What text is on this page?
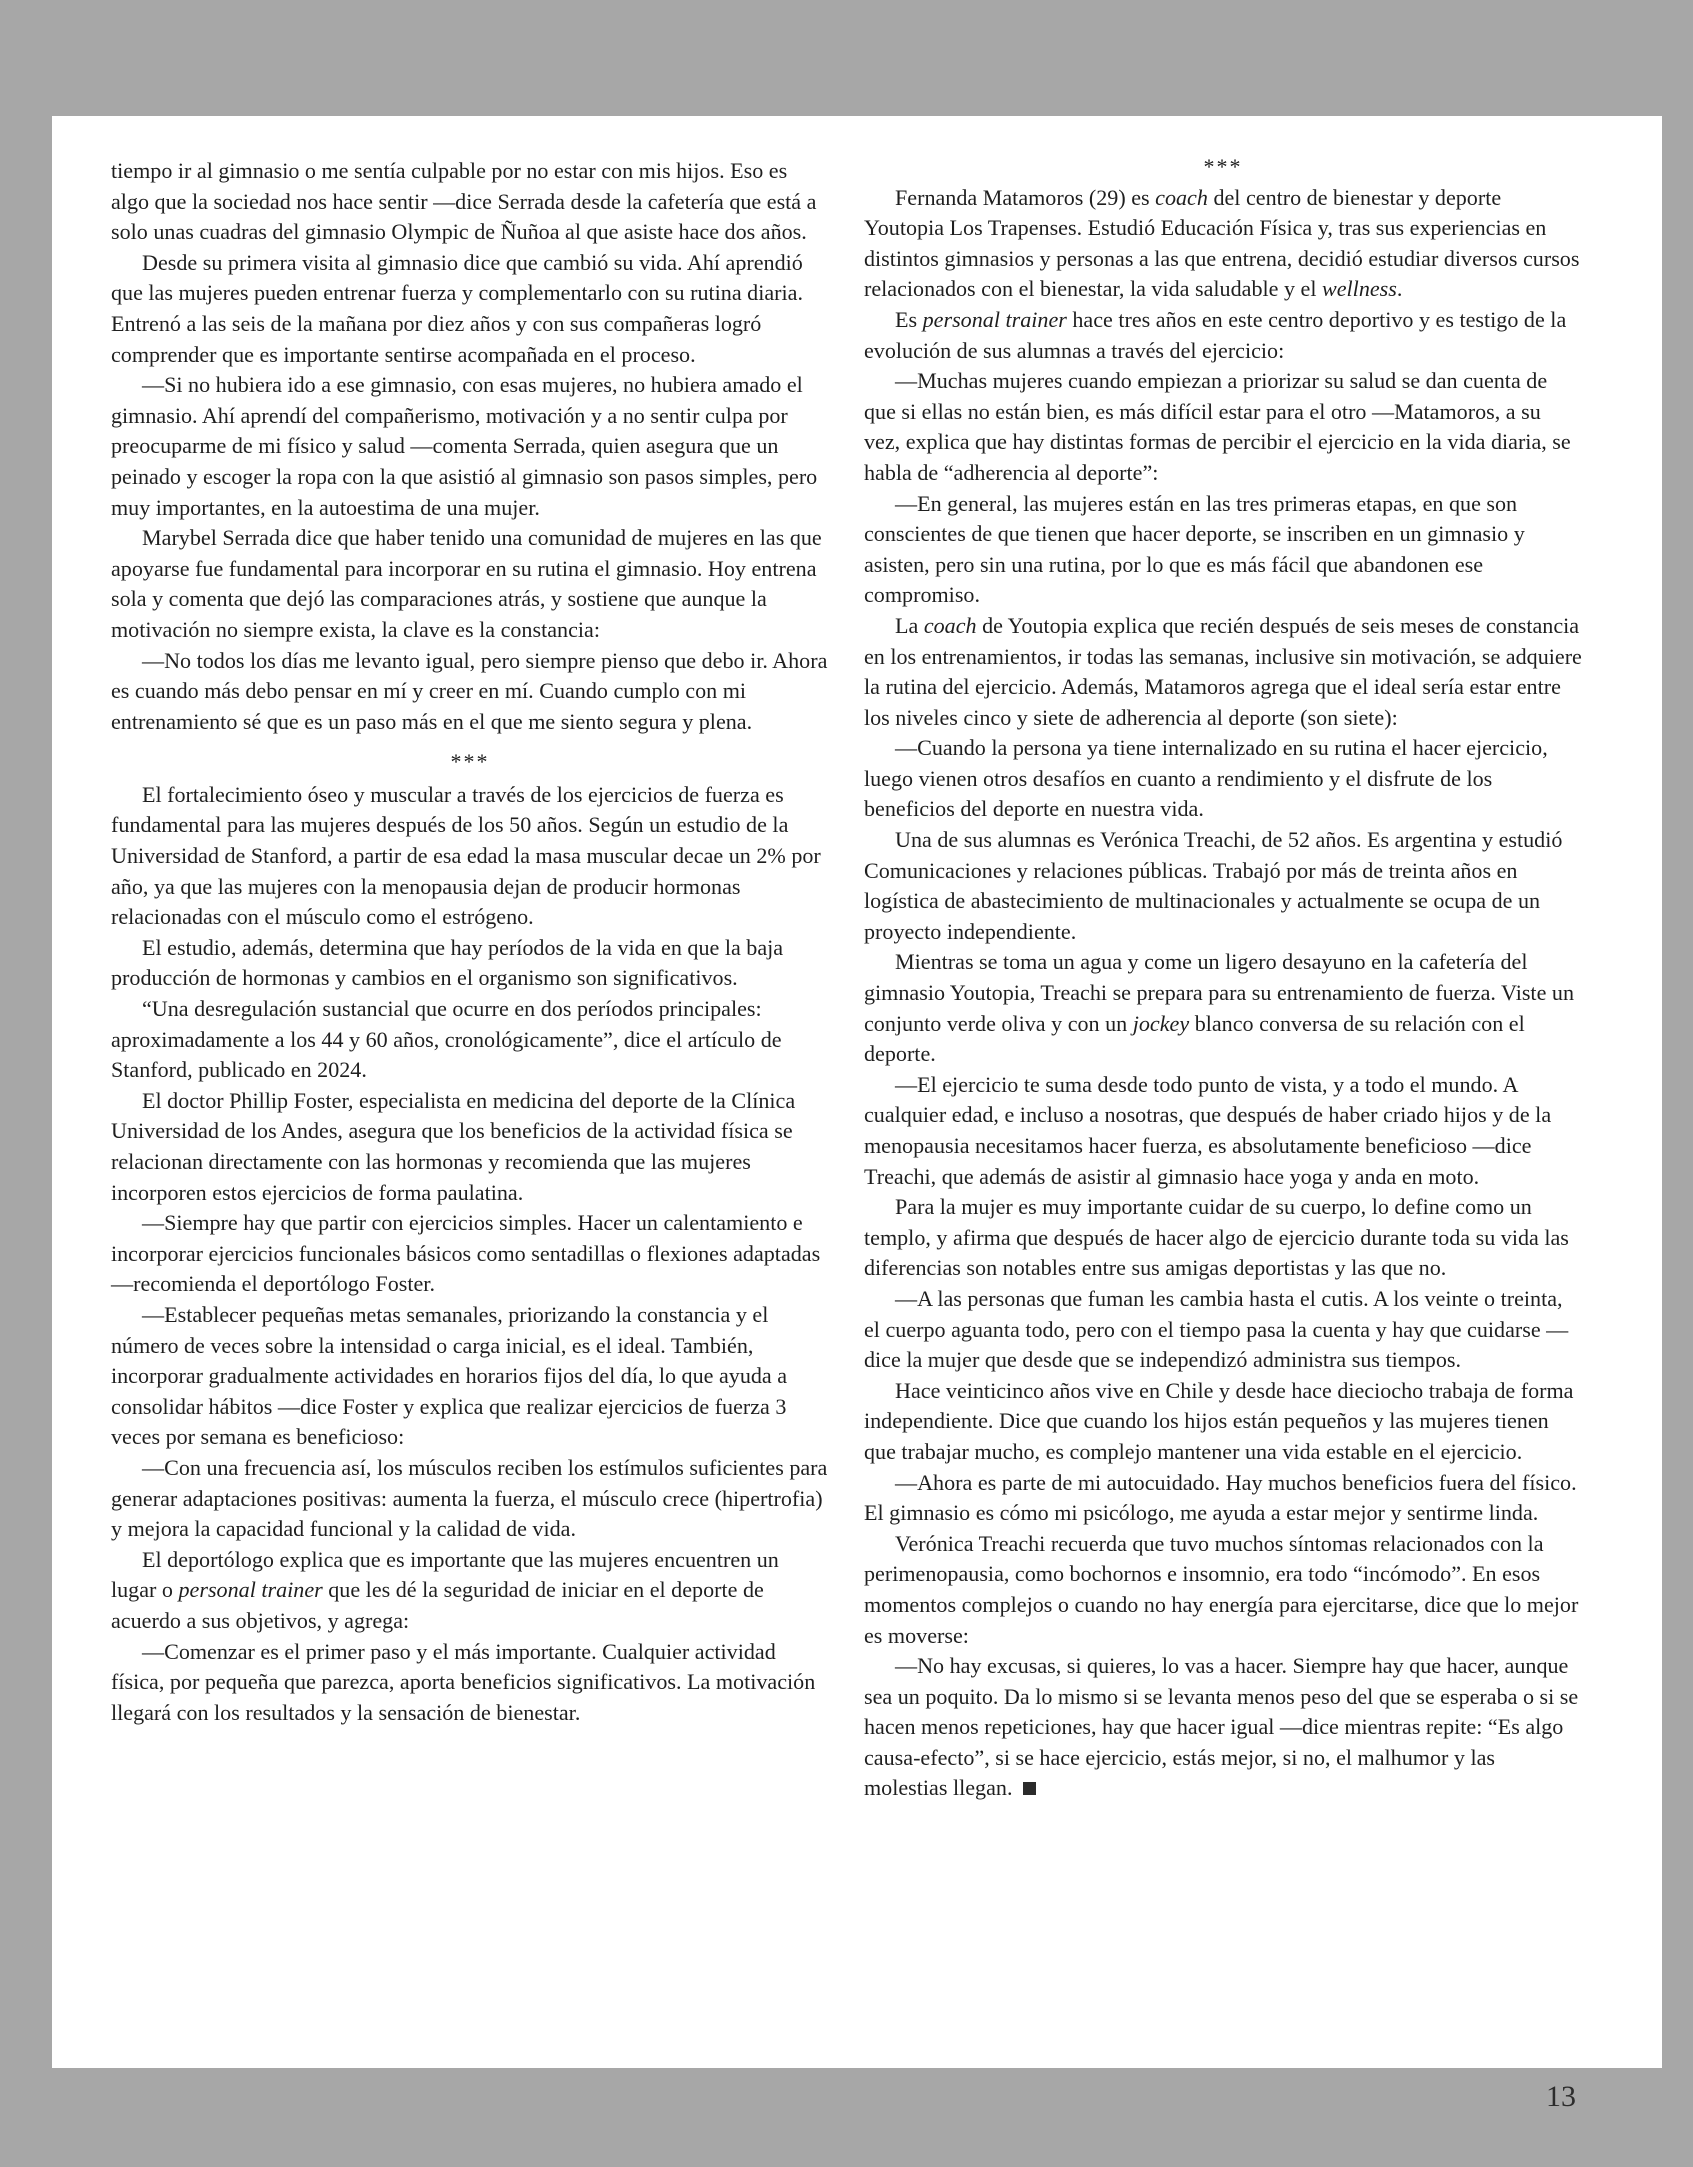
tiempo ir al gimnasio o me sentía culpable por no estar con mis hijos. Eso es algo que la sociedad nos hace sentir —dice Serrada desde la cafetería que está a solo unas cuadras del gimnasio Olympic de Ñuñoa al que asiste hace dos años.

Desde su primera visita al gimnasio dice que cambió su vida. Ahí aprendió que las mujeres pueden entrenar fuerza y complementarlo con su rutina diaria. Entrenó a las seis de la mañana por diez años y con sus compañeras logró comprender que es importante sentirse acompañada en el proceso.

—Si no hubiera ido a ese gimnasio, con esas mujeres, no hubiera amado el gimnasio. Ahí aprendí del compañerismo, motivación y a no sentir culpa por preocuparme de mi físico y salud —comenta Serrada, quien asegura que un peinado y escoger la ropa con la que asistió al gimnasio son pasos simples, pero muy importantes, en la autoestima de una mujer.

Marybel Serrada dice que haber tenido una comunidad de mujeres en las que apoyarse fue fundamental para incorporar en su rutina el gimnasio. Hoy entrena sola y comenta que dejó las comparaciones atrás, y sostiene que aunque la motivación no siempre exista, la clave es la constancia:

—No todos los días me levanto igual, pero siempre pienso que debo ir. Ahora es cuando más debo pensar en mí y creer en mí. Cuando cumplo con mi entrenamiento sé que es un paso más en el que me siento segura y plena.

***

El fortalecimiento óseo y muscular a través de los ejercicios de fuerza es fundamental para las mujeres después de los 50 años. Según un estudio de la Universidad de Stanford, a partir de esa edad la masa muscular decae un 2% por año, ya que las mujeres con la menopausia dejan de producir hormonas relacionadas con el músculo como el estrógeno.

El estudio, además, determina que hay períodos de la vida en que la baja producción de hormonas y cambios en el organismo son significativos.

“Una desregulación sustancial que ocurre en dos períodos principales: aproximadamente a los 44 y 60 años, cronológicamente”, dice el artículo de Stanford, publicado en 2024.

El doctor Phillip Foster, especialista en medicina del deporte de la Clínica Universidad de los Andes, asegura que los beneficios de la actividad física se relacionan directamente con las hormonas y recomienda que las mujeres incorporen estos ejercicios de forma paulatina.

—Siempre hay que partir con ejercicios simples. Hacer un calentamiento e incorporar ejercicios funcionales básicos como sentadillas o flexiones adaptadas —recomienda el deportólogo Foster.

—Establecer pequeñas metas semanales, priorizando la constancia y el número de veces sobre la intensidad o carga inicial, es el ideal. También, incorporar gradualmente actividades en horarios fijos del día, lo que ayuda a consolidar hábitos —dice Foster y explica que realizar ejercicios de fuerza 3 veces por semana es beneficioso:

—Con una frecuencia así, los músculos reciben los estímulos suficientes para generar adaptaciones positivas: aumenta la fuerza, el músculo crece (hipertrofia) y mejora la capacidad funcional y la calidad de vida.

El deportólogo explica que es importante que las mujeres encuentren un lugar o personal trainer que les dé la seguridad de iniciar en el deporte de acuerdo a sus objetivos, y agrega:

—Comenzar es el primer paso y el más importante. Cualquier actividad física, por pequeña que parezca, aporta beneficios significativos. La motivación llegará con los resultados y la sensación de bienestar.

***

Fernanda Matamoros (29) es coach del centro de bienestar y deporte Youtopia Los Trapenses. Estudió Educación Física y, tras sus experiencias en distintos gimnasios y personas a las que entrena, decidió estudiar diversos cursos relacionados con el bienestar, la vida saludable y el wellness.

Es personal trainer hace tres años en este centro deportivo y es testigo de la evolución de sus alumnas a través del ejercicio:

—Muchas mujeres cuando empiezan a priorizar su salud se dan cuenta de que si ellas no están bien, es más difícil estar para el otro —Matamoros, a su vez, explica que hay distintas formas de percibir el ejercicio en la vida diaria, se habla de “adherencia al deporte”:

—En general, las mujeres están en las tres primeras etapas, en que son conscientes de que tienen que hacer deporte, se inscriben en un gimnasio y asisten, pero sin una rutina, por lo que es más fácil que abandonen ese compromiso.

La coach de Youtopia explica que recién después de seis meses de constancia en los entrenamientos, ir todas las semanas, inclusive sin motivación, se adquiere la rutina del ejercicio. Además, Matamoros agrega que el ideal sería estar entre los niveles cinco y siete de adherencia al deporte (son siete):

—Cuando la persona ya tiene internalizado en su rutina el hacer ejercicio, luego vienen otros desafíos en cuanto a rendimiento y el disfrute de los beneficios del deporte en nuestra vida.

Una de sus alumnas es Verónica Treachi, de 52 años. Es argentina y estudió Comunicaciones y relaciones públicas. Trabajó por más de treinta años en logística de abastecimiento de multinacionales y actualmente se ocupa de un proyecto independiente.

Mientras se toma un agua y come un ligero desayuno en la cafetería del gimnasio Youtopia, Treachi se prepara para su entrenamiento de fuerza. Viste un conjunto verde oliva y con un jockey blanco conversa de su relación con el deporte.

—El ejercicio te suma desde todo punto de vista, y a todo el mundo. A cualquier edad, e incluso a nosotras, que después de haber criado hijos y de la menopausia necesitamos hacer fuerza, es absolutamente beneficioso —dice Treachi, que además de asistir al gimnasio hace yoga y anda en moto.

Para la mujer es muy importante cuidar de su cuerpo, lo define como un templo, y afirma que después de hacer algo de ejercicio durante toda su vida las diferencias son notables entre sus amigas deportistas y las que no.

—A las personas que fuman les cambia hasta el cutis. A los veinte o treinta, el cuerpo aguanta todo, pero con el tiempo pasa la cuenta y hay que cuidarse —dice la mujer que desde que se independizó administra sus tiempos.

Hace veinticinco años vive en Chile y desde hace dieciocho trabaja de forma independiente. Dice que cuando los hijos están pequeños y las mujeres tienen que trabajar mucho, es complejo mantener una vida estable en el ejercicio.

—Ahora es parte de mi autocuidado. Hay muchos beneficios fuera del físico. El gimnasio es cómo mi psicólogo, me ayuda a estar mejor y sentirme linda.

Verónica Treachi recuerda que tuvo muchos síntomas relacionados con la perimenopausia, como bochornos e insomnio, era todo “incómodo”. En esos momentos complejos o cuando no hay energía para ejercitarse, dice que lo mejor es moverse:

—No hay excusas, si quieres, lo vas a hacer. Siempre hay que hacer, aunque sea un poquito. Da lo mismo si se levanta menos peso del que se esperaba o si se hacen menos repeticiones, hay que hacer igual —dice mientras repite: “Es algo causa-efecto”, si se hace ejercicio, estás mejor, si no, el malhumor y las molestias llegan.

13
